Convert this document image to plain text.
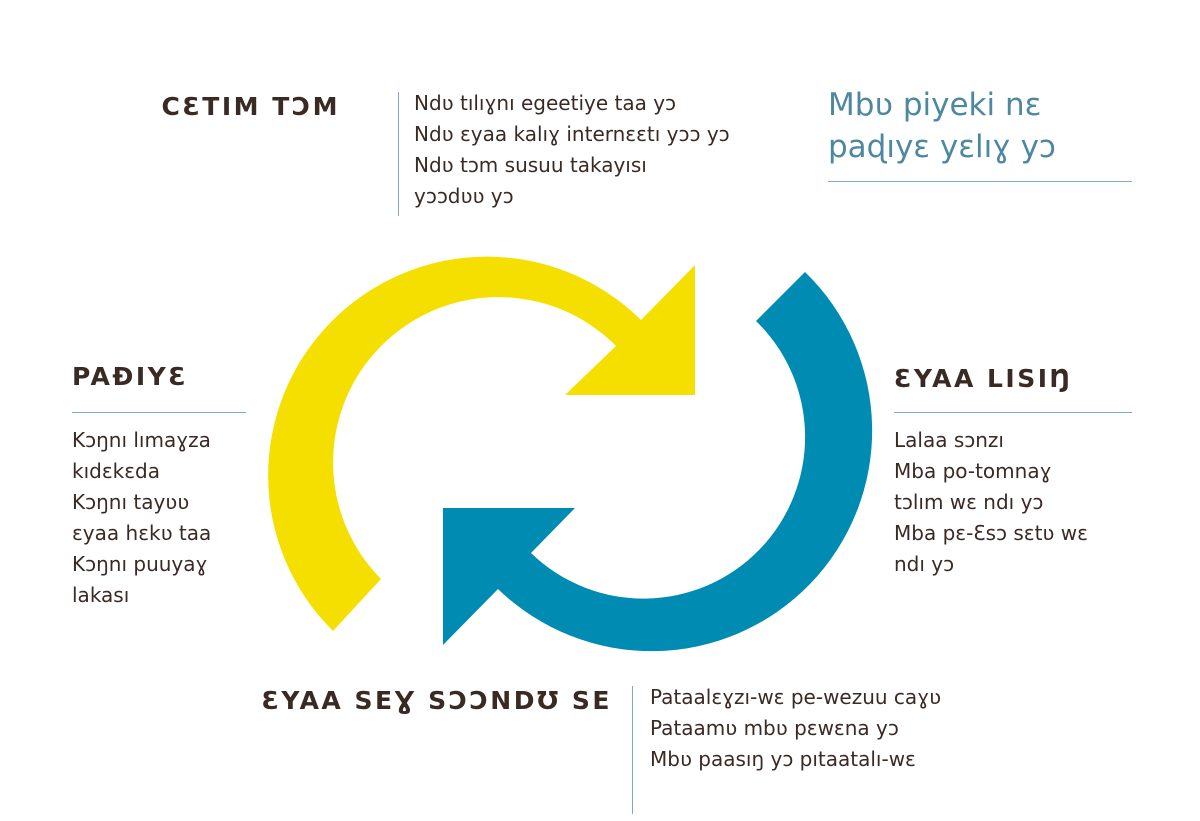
Mbʋ piyeki nɛ
paɖıyɛ yɛlıɣ yɔ
CƐTIM TƆM	Ndʋ tılıɣnı egeetiye taa yɔ
Ndʋ ɛyaa kalıɣ internɛɛtı yɔɔ yɔ
Ndʋ tɔm susuu takayısı
yɔɔdʋʋ yɔ
PAƉIYƐ
Kɔŋnı lımaɣza
kıdɛkɛda
Kɔŋnı tayʋʋ
ɛyaa hɛkʋ taa
Kɔŋnı puuyaɣ
lakası
ƐYAA LISIŊ
Lalaa sɔnzı
Mba po-tomnaɣ
tɔlım wɛ ndı yɔ
Mba pɛ-Ɛsɔ sɛtʋ wɛ
ndı yɔ
ƐYAA SEƔ SƆƆNDƱ SE Pataalɛɣzı-wɛ pe-wezuu caɣʋ
Pataamʋ mbʋ pɛwɛna yɔ
Mbʋ paasıŋ yɔ pıtaatalı-wɛ
